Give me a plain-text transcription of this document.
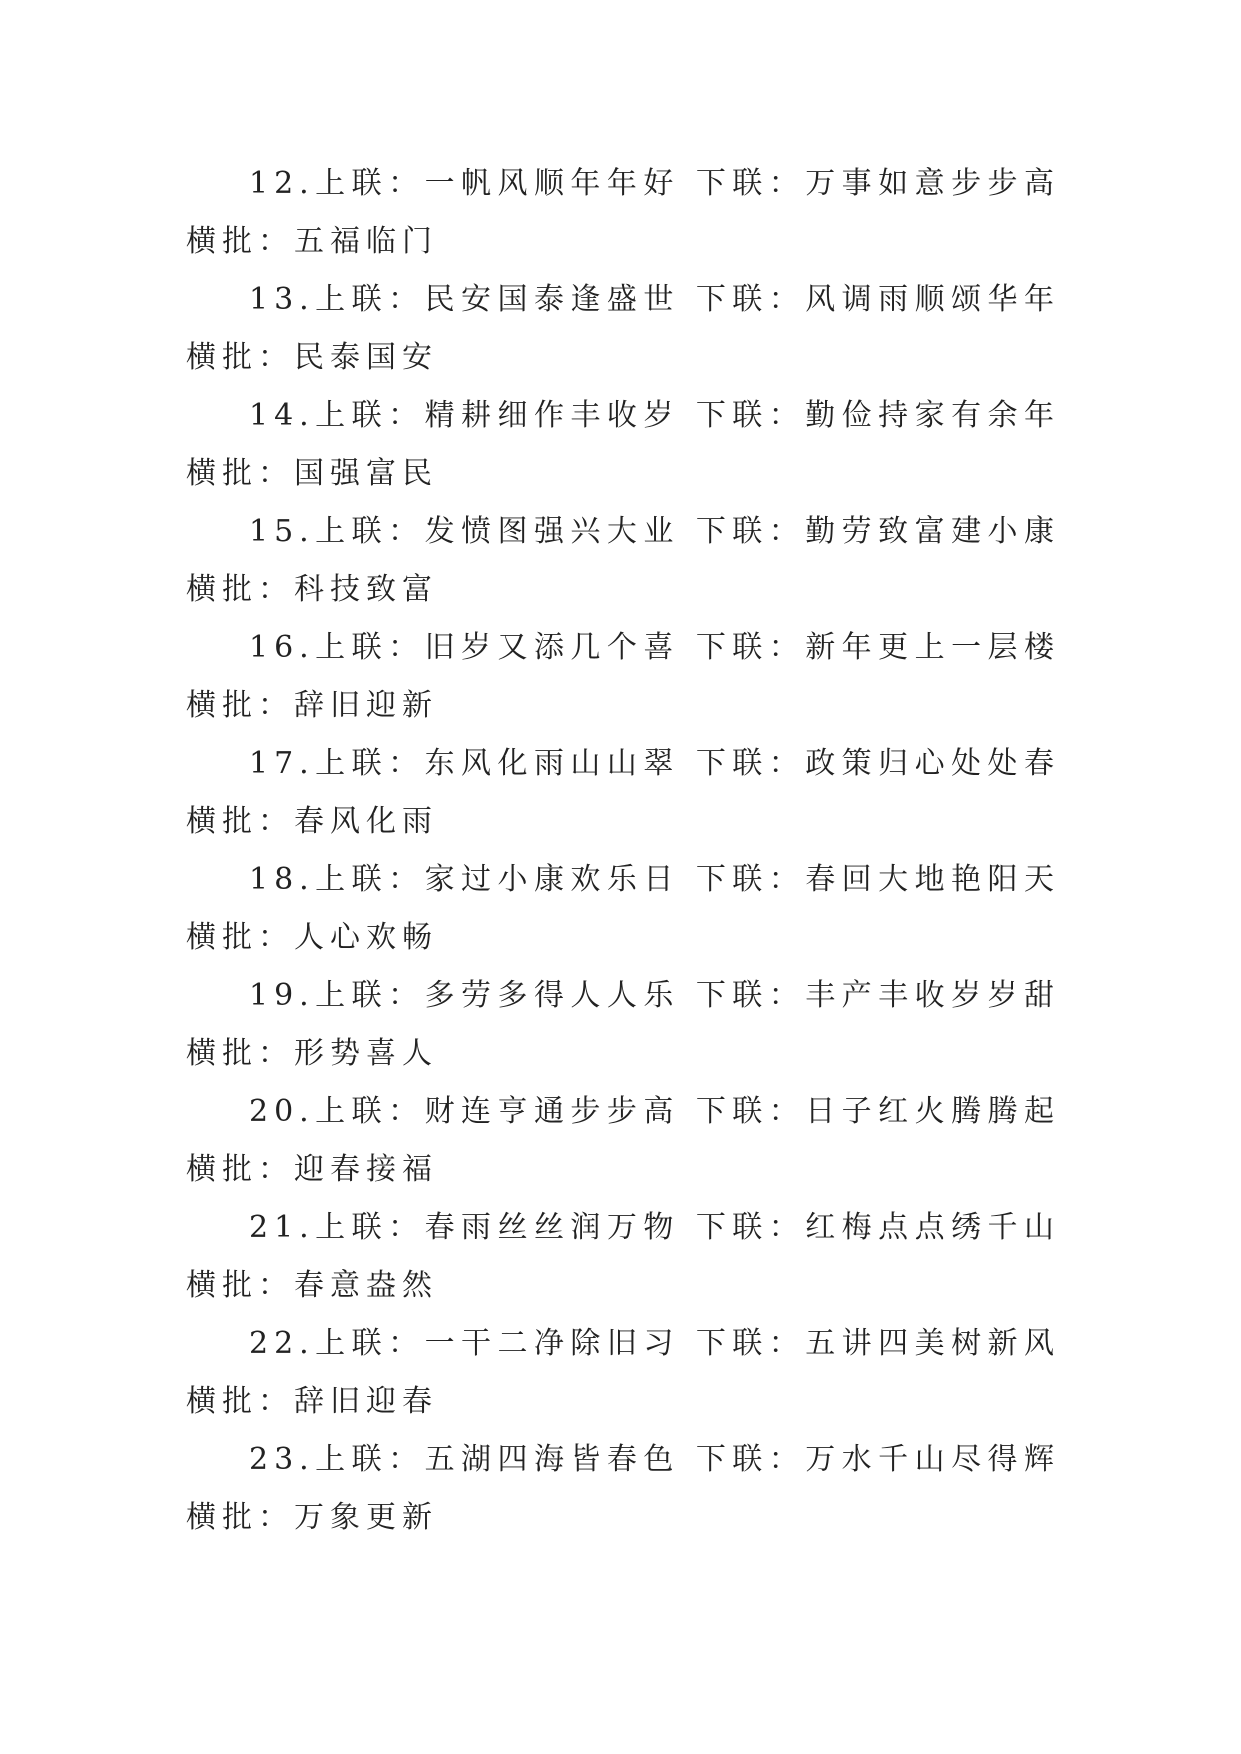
12.上联：一帆风顺年年好 下联：万事如意步步高 横批：五福临门

13.上联：民安国泰逢盛世 下联：风调雨顺颂华年 横批：民泰国安

14.上联：精耕细作丰收岁 下联：勤俭持家有余年 横批：国强富民

15.上联：发愤图强兴大业 下联：勤劳致富建小康 横批：科技致富

16.上联：旧岁又添几个喜 下联：新年更上一层楼 横批：辞旧迎新

17.上联：东风化雨山山翠 下联：政策归心处处春 横批：春风化雨

18.上联：家过小康欢乐日 下联：春回大地艳阳天 横批：人心欢畅

19.上联：多劳多得人人乐 下联：丰产丰收岁岁甜 横批：形势喜人

20.上联：财连亨通步步高 下联：日子红火腾腾起 横批：迎春接福

21.上联：春雨丝丝润万物 下联：红梅点点绣千山 横批：春意盎然

22.上联：一干二净除旧习 下联：五讲四美树新风 横批：辞旧迎春

23.上联：五湖四海皆春色 下联：万水千山尽得辉 横批：万象更新
